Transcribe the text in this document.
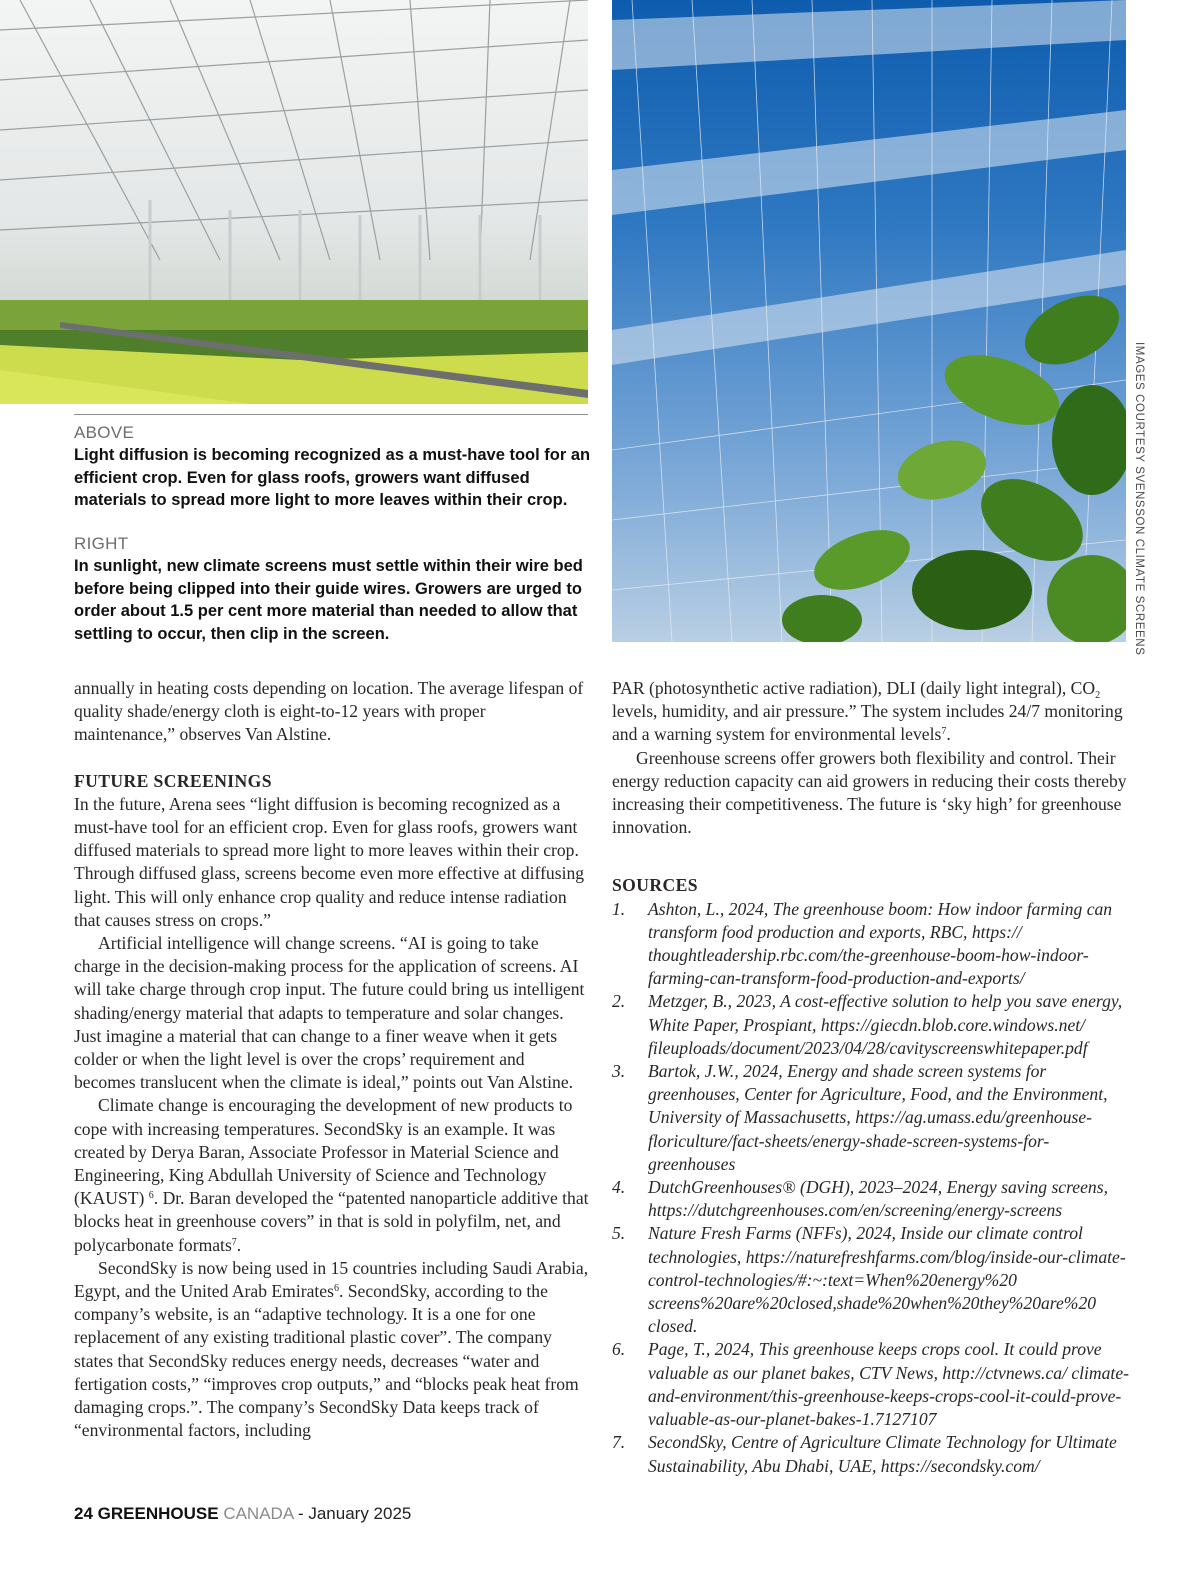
IMAGES COURTESY SVENSSON CLIMATE SCREENS
ABOVE
Light diffusion is becoming recognized as a must-have tool for an efficient crop. Even for glass roofs, growers want diffused materials to spread more light to more leaves within their crop.
RIGHT
In sunlight, new climate screens must settle within their wire bed before being clipped into their guide wires. Growers are urged to order about 1.5 per cent more material than needed to allow that settling to occur, then clip in the screen.

annually in heating costs depending on location. The average lifespan of quality shade/energy cloth is eight-to-12 years with proper maintenance,” observes Van Alstine.

FUTURE SCREENINGS

In the future, Arena sees “light diffusion is becoming recognized as a must-have tool for an efficient crop. Even for glass roofs, growers want diffused materials to spread more light to more leaves within their crop. Through diffused glass, screens become even more effective at diffusing light. This will only enhance crop quality and reduce intense radiation that causes stress on crops.”

Artificial intelligence will change screens. “AI is going to take charge in the decision-making process for the application of screens. AI will take charge through crop input. The future could bring us intelligent shading/energy material that adapts to temperature and solar changes. Just imagine a material that can change to a finer weave when it gets colder or when the light level is over the crops’ requirement and becomes translucent when the climate is ideal,” points out Van Alstine.

Climate change is encouraging the development of new products to cope with increasing temperatures. SecondSky is an example. It was created by Derya Baran, Associate Professor in Material Science and Engineering, King Abdullah University of Science and Technology (KAUST) $^6$. Dr. Baran developed the “patented nanoparticle additive that blocks heat in greenhouse covers” in that is sold in polyfilm, net, and polycarbonate formats$^7$.

SecondSky is now being used in 15 countries including Saudi Arabia, Egypt, and the United Arab Emirates$^6$. SecondSky, according to the company’s website, is an “adaptive technology. It is a one for one replacement of any existing traditional plastic cover”. The company states that SecondSky reduces energy needs, decreases “water and fertigation costs,” “improves crop outputs,” and “blocks peak heat from damaging crops.”. The company’s SecondSky Data keeps track of “environmental factors, including

PAR (photosynthetic active radiation), DLI (daily light integral), $CO_2$ levels, humidity, and air pressure.” The system includes 24/7 monitoring and a warning system for environmental levels$^7$.

Greenhouse screens offer growers both flexibility and control. Their energy reduction capacity can aid growers in reducing their costs thereby increasing their competitiveness. The future is ‘sky high’ for greenhouse innovation.

SOURCES
1.	Ashton, L., 2024, The greenhouse boom: How indoor farming can transform food production and exports, RBC, https:// thoughtleadership.rbc.com/the-greenhouse-boom-how-indoor-farming-can-transform-food-production-and-exports/
2.	Metzger, B., 2023, A cost-effective solution to help you save energy, White Paper, Prospiant, https://giecdn.blob.core.windows.net/ fileuploads/document/2023/04/28/cavityscreenswhitepaper.pdf
3.	Bartok, J.W., 2024, Energy and shade screen systems for greenhouses, Center for Agriculture, Food, and the Environment, University of Massachusetts, https://ag.umass.edu/greenhouse-floriculture/fact-sheets/energy-shade-screen-systems-for-greenhouses
4.	DutchGreenhouses® (DGH), 2023–2024, Energy saving screens, https://dutchgreenhouses.com/en/screening/energy-screens
5.	Nature Fresh Farms (NFFs), 2024, Inside our climate control technologies, https://naturefreshfarms.com/blog/inside-our-climate-control-technologies/#:~:text=When%20energy%20 screens%20are%20closed,shade%20when%20they%20are%20 closed.
6.	Page, T., 2024, This greenhouse keeps crops cool. It could prove valuable as our planet bakes, CTV News, http://ctvnews.ca/ climate-and-environment/this-greenhouse-keeps-crops-cool-it-could-prove-valuable-as-our-planet-bakes-1.7127107
7.	SecondSky, Centre of Agriculture Climate Technology for Ultimate Sustainability, Abu Dhabi, UAE, https://secondsky.com/
24 GREENHOUSE CANADA - January 2025
